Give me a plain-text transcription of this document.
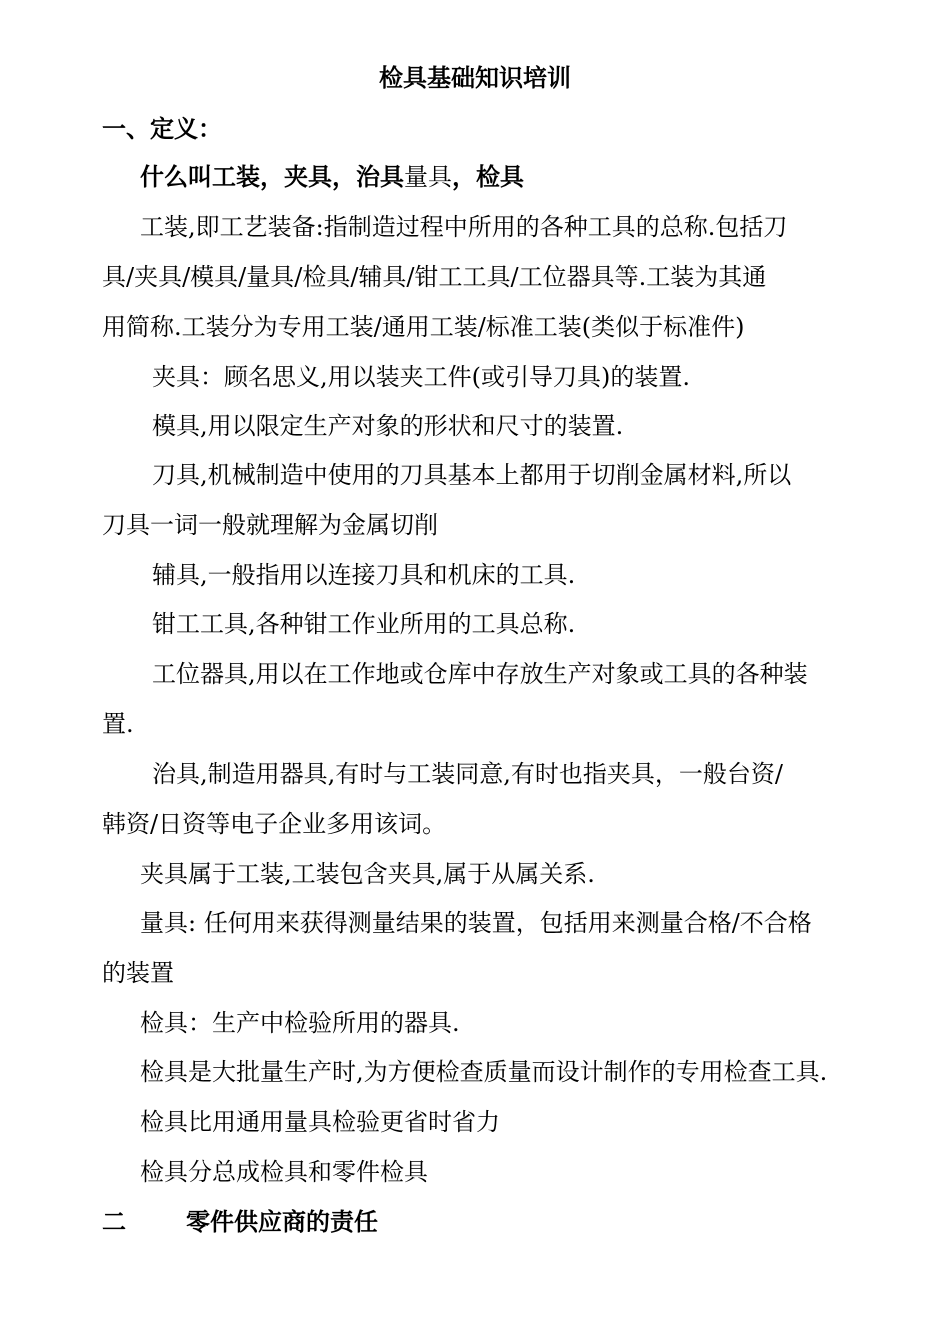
检具基础知识培训
一、定义：
什么叫工装，夹具，治具量具，检具
工装,即工艺装备:指制造过程中所用的各种工具的总称.包括刀
具/夹具/模具/量具/检具/辅具/钳工工具/工位器具等.工装为其通
用简称.工装分为专用工装/通用工装/标准工装(类似于标准件)
夹具：顾名思义,用以装夹工件(或引导刀具)的装置.
模具,用以限定生产对象的形状和尺寸的装置.
刀具,机械制造中使用的刀具基本上都用于切削金属材料,所以
刀具一词一般就理解为金属切削
辅具,一般指用以连接刀具和机床的工具.
钳工工具,各种钳工作业所用的工具总称.
工位器具,用以在工作地或仓库中存放生产对象或工具的各种装
置.
治具,制造用器具,有时与工装同意,有时也指夹具，一般台资/
韩资/日资等电子企业多用该词。
夹具属于工装,工装包含夹具,属于从属关系.
量具: 任何用来获得测量结果的装置，包括用来测量合格/不合格
的装置
检具：生产中检验所用的器具.
检具是大批量生产时,为方便检查质量而设计制作的专用检查工具.
检具比用通用量具检验更省时省力
检具分总成检具和零件检具
二	零件供应商的责任
